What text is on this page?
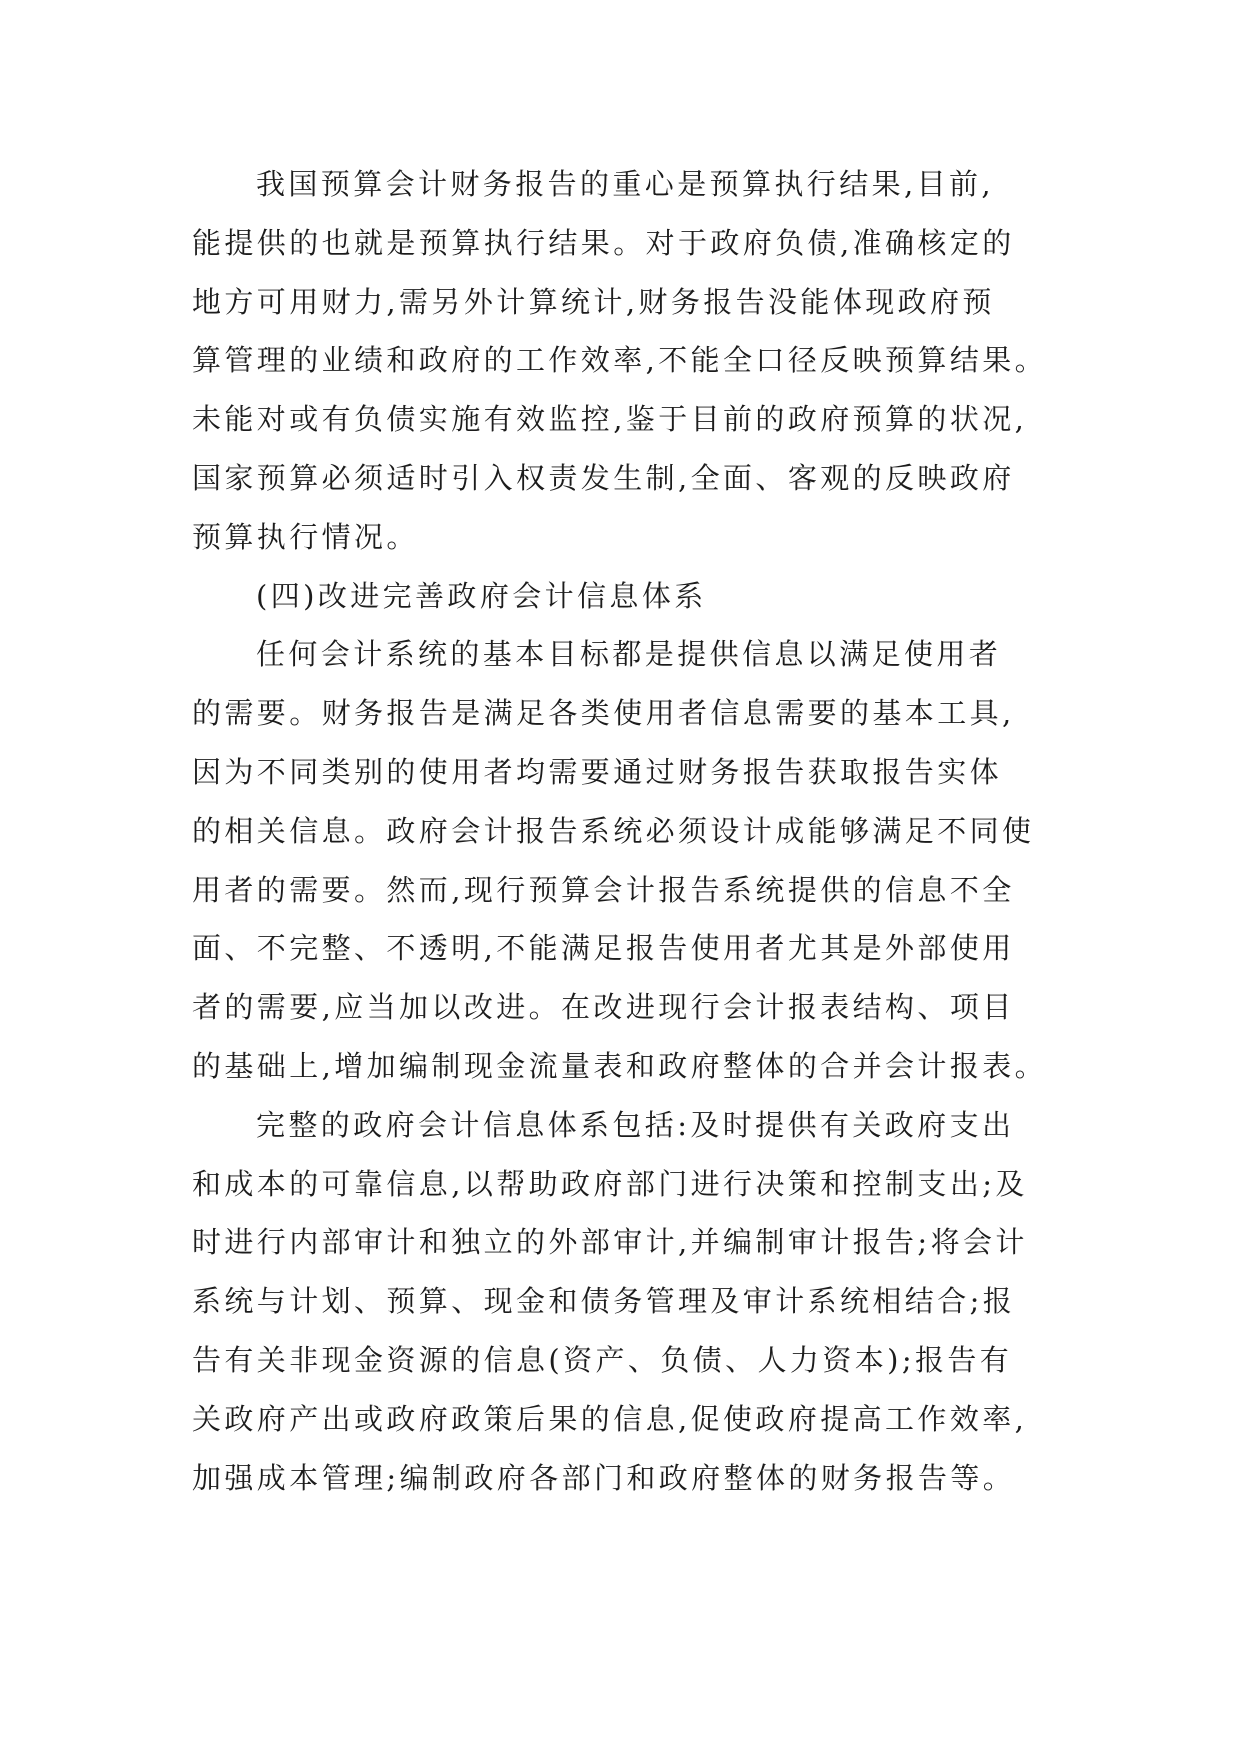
我国预算会计财务报告的重心是预算执行结果,目前,
能提供的也就是预算执行结果。对于政府负债,准确核定的
地方可用财力,需另外计算统计,财务报告没能体现政府预
算管理的业绩和政府的工作效率,不能全口径反映预算结果。
未能对或有负债实施有效监控,鉴于目前的政府预算的状况,
国家预算必须适时引入权责发生制,全面、客观的反映政府
预算执行情况。
(四)改进完善政府会计信息体系
任何会计系统的基本目标都是提供信息以满足使用者
的需要。财务报告是满足各类使用者信息需要的基本工具,
因为不同类别的使用者均需要通过财务报告获取报告实体
的相关信息。政府会计报告系统必须设计成能够满足不同使
用者的需要。然而,现行预算会计报告系统提供的信息不全
面、不完整、不透明,不能满足报告使用者尤其是外部使用
者的需要,应当加以改进。在改进现行会计报表结构、项目
的基础上,增加编制现金流量表和政府整体的合并会计报表。
完整的政府会计信息体系包括:及时提供有关政府支出
和成本的可靠信息,以帮助政府部门进行决策和控制支出;及
时进行内部审计和独立的外部审计,并编制审计报告;将会计
系统与计划、预算、现金和债务管理及审计系统相结合;报
告有关非现金资源的信息(资产、负债、人力资本);报告有
关政府产出或政府政策后果的信息,促使政府提高工作效率,
加强成本管理;编制政府各部门和政府整体的财务报告等。
